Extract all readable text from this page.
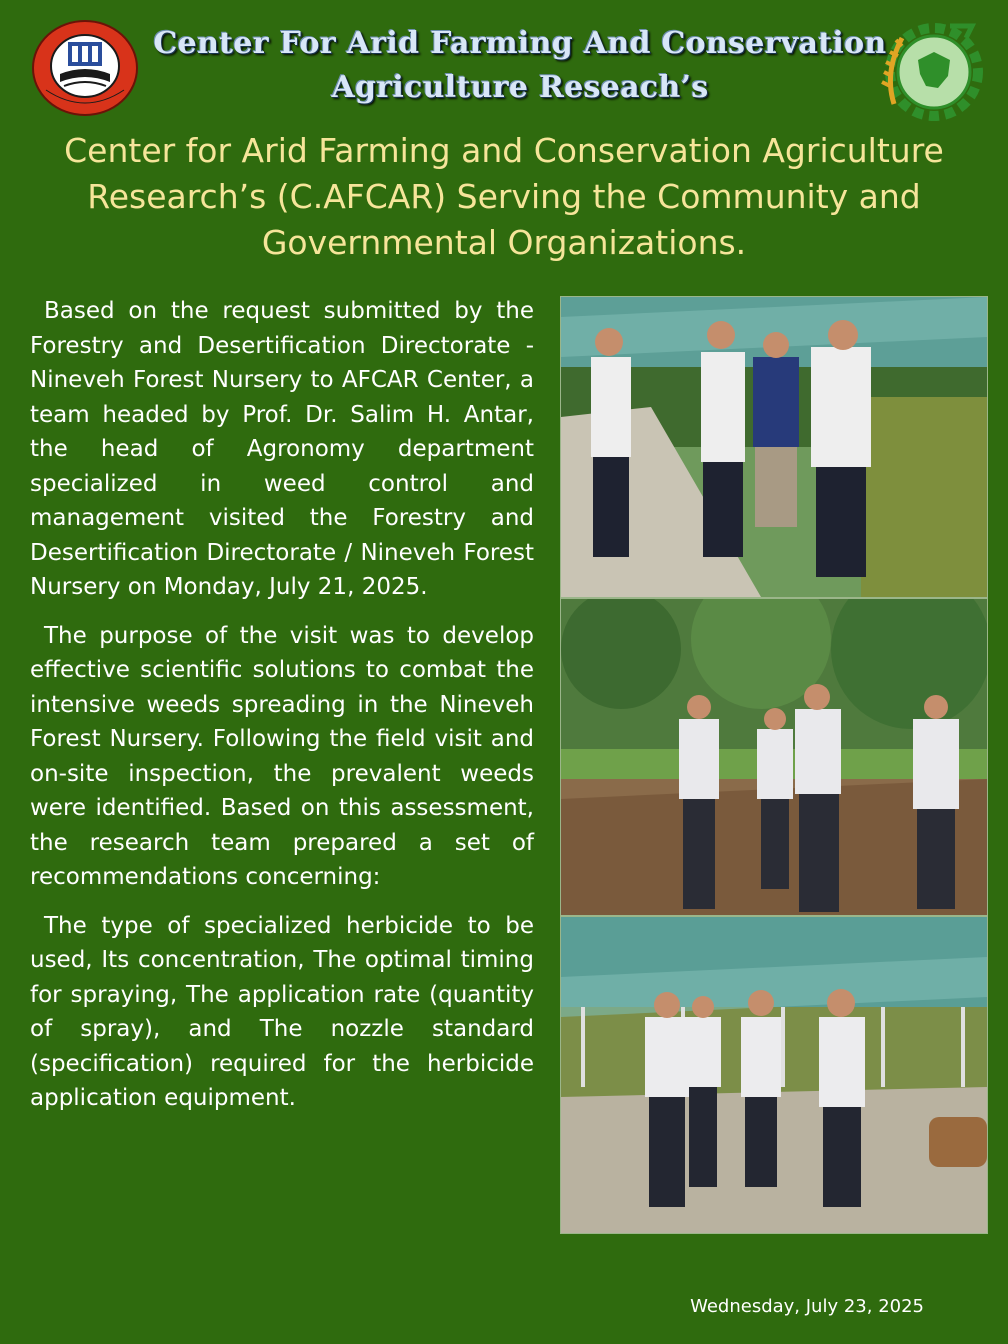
Center For Arid Farming And Conservation
Agriculture Reseach’s
Center for Arid Farming and Conservation Agriculture
Research’s (C.AFCAR) Serving the Community and
Governmental Organizations.

Based on the request submitted by the Forestry and Desertification Directorate - Nineveh Forest Nursery to AFCAR Center, a team headed by Prof. Dr. Salim H. Antar, the head of Agronomy department specialized in weed control and management visited the Forestry and Desertification Directorate / Nineveh Forest Nursery on Monday, July 21, 2025.

The purpose of the visit was to develop effective scientific solutions to combat the intensive weeds spreading in the Nineveh Forest Nursery. Following the field visit and on-site inspection, the prevalent weeds were identified. Based on this assessment, the research team prepared a set of recommendations concerning:

The type of specialized herbicide to be used, Its concentration, The optimal timing for spraying, The application rate (quantity of spray), and The nozzle standard (specification) required for the herbicide application equipment.

Wednesday, July 23, 2025
